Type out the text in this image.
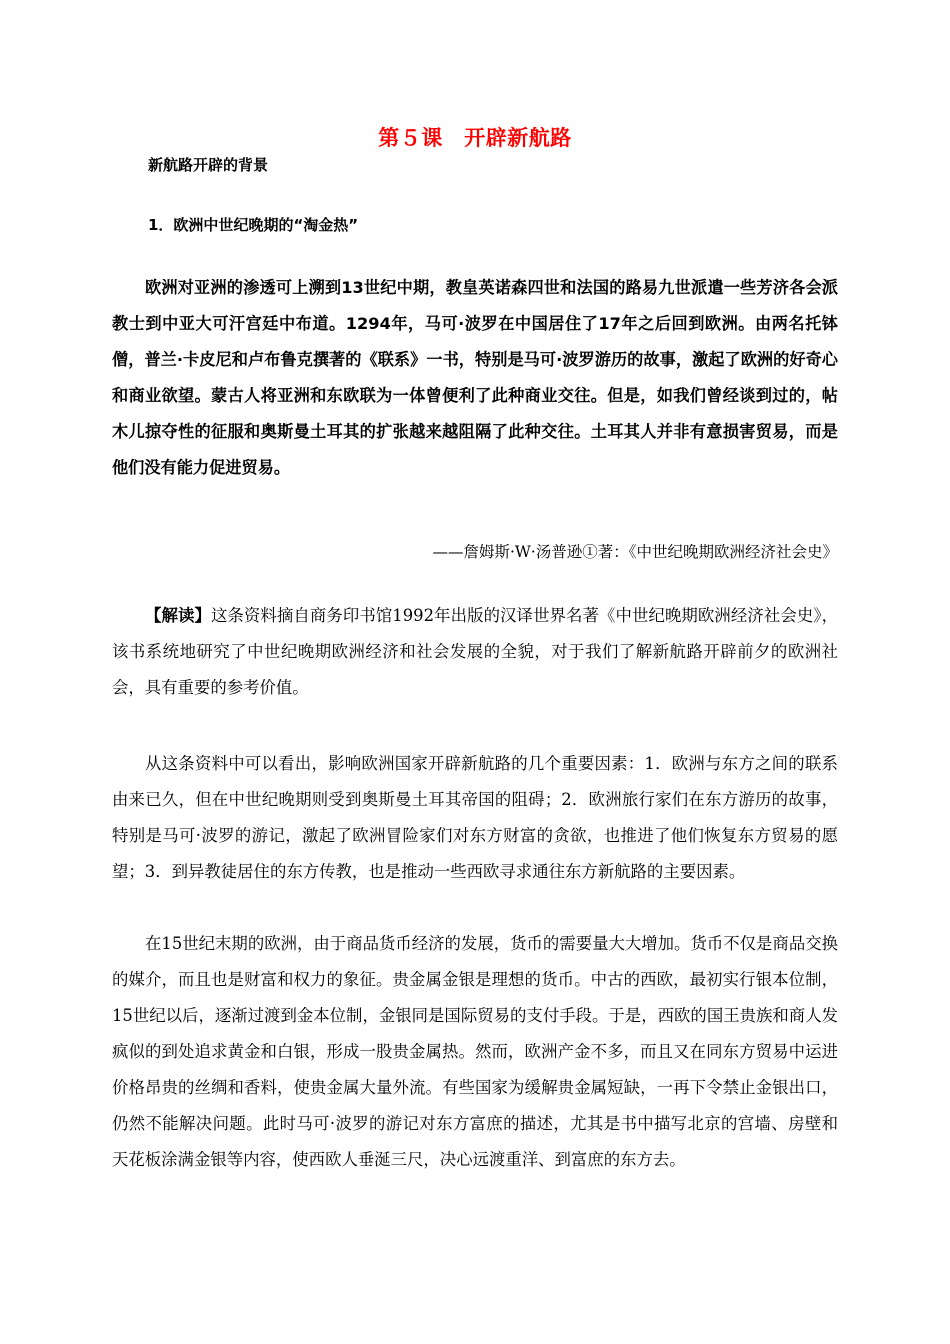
第５课　开辟新航路
新航路开辟的背景
1．欧洲中世纪晚期的“淘金热”

欧洲对亚洲的渗透可上溯到13世纪中期，教皇英诺森四世和法国的路易九世派遣一些芳济各会派教士到中亚大可汗宫廷中布道。1294年，马可·波罗在中国居住了17年之后回到欧洲。由两名托钵僧，普兰·卡皮尼和卢布鲁克撰著的《联系》一书，特别是马可·波罗游历的故事，激起了欧洲的好奇心和商业欲望。蒙古人将亚洲和东欧联为一体曾便利了此种商业交往。但是，如我们曾经谈到过的，帖木儿掠夺性的征服和奥斯曼土耳其的扩张越来越阻隔了此种交往。土耳其人并非有意损害贸易，而是他们没有能力促进贸易。

——詹姆斯·W·汤普逊①著：《中世纪晚期欧洲经济社会史》

【解读】这条资料摘自商务印书馆1992年出版的汉译世界名著《中世纪晚期欧洲经济社会史》，该书系统地研究了中世纪晚期欧洲经济和社会发展的全貌，对于我们了解新航路开辟前夕的欧洲社会，具有重要的参考价值。

从这条资料中可以看出，影响欧洲国家开辟新航路的几个重要因素：1．欧洲与东方之间的联系由来已久，但在中世纪晚期则受到奥斯曼土耳其帝国的阻碍；2．欧洲旅行家们在东方游历的故事，特别是马可·波罗的游记，激起了欧洲冒险家们对东方财富的贪欲，也推进了他们恢复东方贸易的愿望；3．到异教徒居住的东方传教，也是推动一些西欧寻求通往东方新航路的主要因素。

在15世纪末期的欧洲，由于商品货币经济的发展，货币的需要量大大增加。货币不仅是商品交换的媒介，而且也是财富和权力的象征。贵金属金银是理想的货币。中古的西欧，最初实行银本位制，15世纪以后，逐渐过渡到金本位制，金银同是国际贸易的支付手段。于是，西欧的国王贵族和商人发疯似的到处追求黄金和白银，形成一股贵金属热。然而，欧洲产金不多，而且又在同东方贸易中运进价格昂贵的丝绸和香料，使贵金属大量外流。有些国家为缓解贵金属短缺，一再下令禁止金银出口，仍然不能解决问题。此时马可·波罗的游记对东方富庶的描述，尤其是书中描写北京的宫墙、房壁和天花板涂满金银等内容，使西欧人垂涎三尺，决心远渡重洋、到富庶的东方去。
